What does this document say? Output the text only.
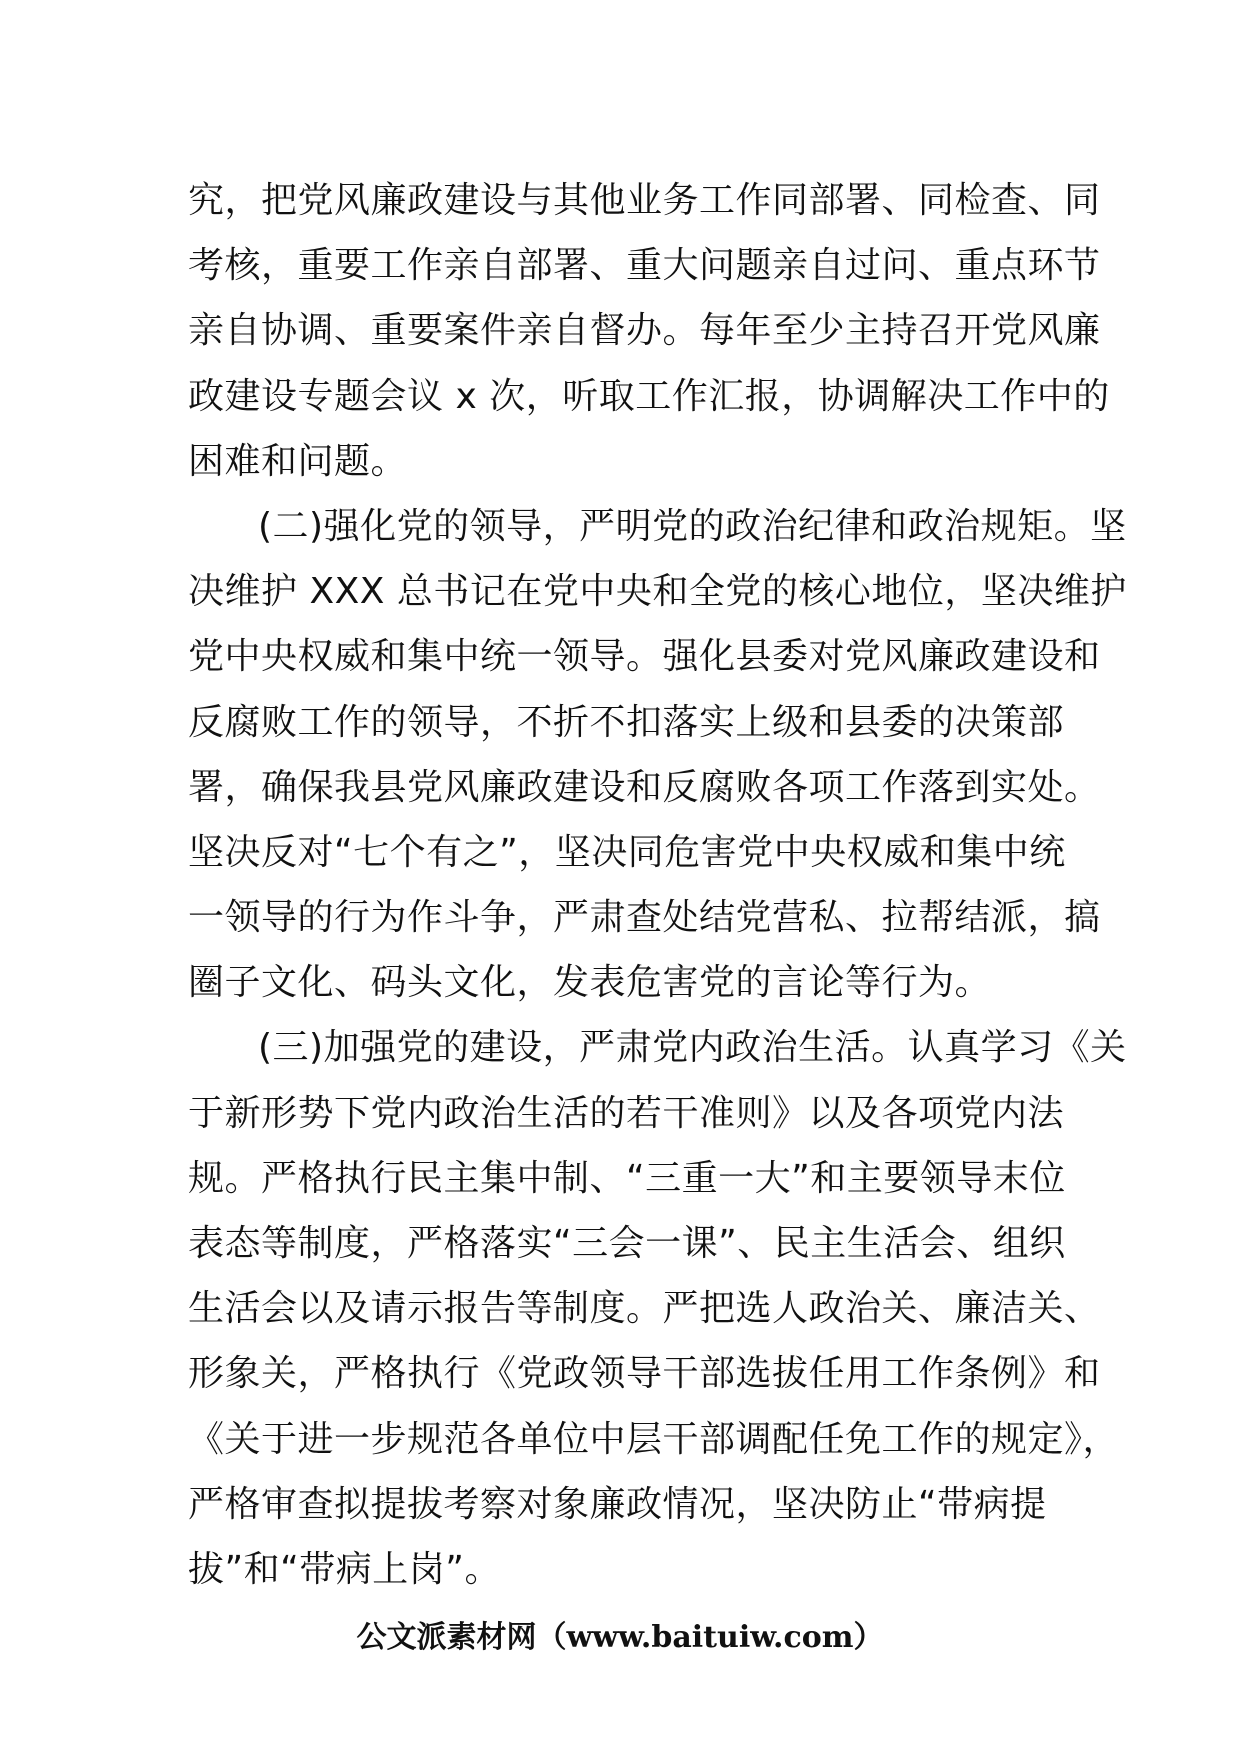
究，把党风廉政建设与其他业务工作同部署、同检查、同
考核，重要工作亲自部署、重大问题亲自过问、重点环节
亲自协调、重要案件亲自督办。每年至少主持召开党风廉
政建设专题会议 x 次，听取工作汇报，协调解决工作中的
困难和问题。
(二)强化党的领导，严明党的政治纪律和政治规矩。坚
决维护 XXX 总书记在党中央和全党的核心地位，坚决维护
党中央权威和集中统一领导。强化县委对党风廉政建设和
反腐败工作的领导，不折不扣落实上级和县委的决策部
署，确保我县党风廉政建设和反腐败各项工作落到实处。
坚决反对“七个有之”，坚决同危害党中央权威和集中统
一领导的行为作斗争，严肃查处结党营私、拉帮结派，搞
圈子文化、码头文化，发表危害党的言论等行为。
(三)加强党的建设，严肃党内政治生活。认真学习《关
于新形势下党内政治生活的若干准则》以及各项党内法
规。严格执行民主集中制、“三重一大”和主要领导末位
表态等制度，严格落实“三会一课”、民主生活会、组织
生活会以及请示报告等制度。严把选人政治关、廉洁关、
形象关，严格执行《党政领导干部选拔任用工作条例》和
《关于进一步规范各单位中层干部调配任免工作的规定》，
严格审查拟提拔考察对象廉政情况，坚决防止“带病提
拔”和“带病上岗”。
公文派素材网（www.baituiw.com）
